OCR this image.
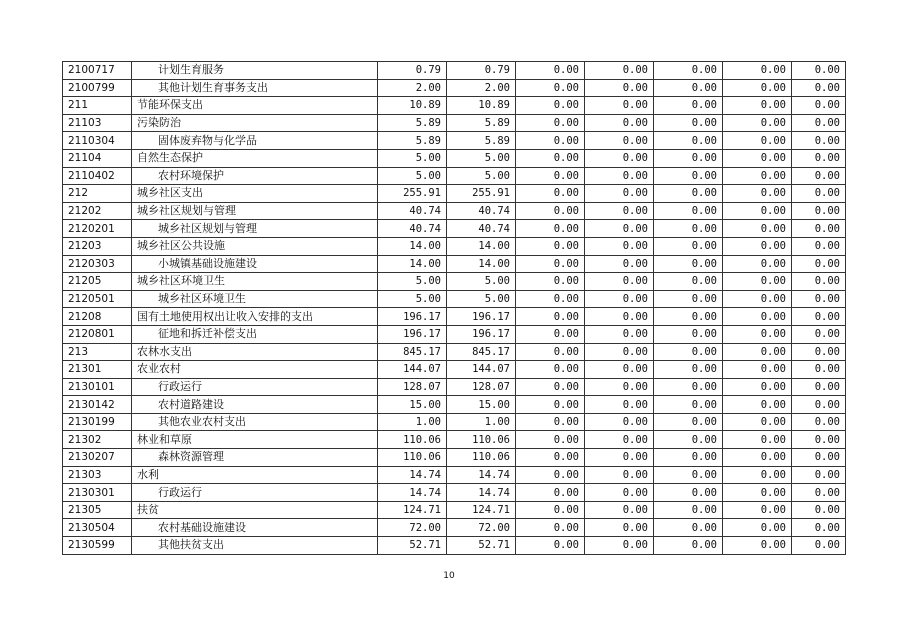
2100717	计划生育服务	0.79	0.79	0.00	0.00	0.00	0.00	0.00
2100799	其他计划生育事务支出	2.00	2.00	0.00	0.00	0.00	0.00	0.00
211	节能环保支出	10.89	10.89	0.00	0.00	0.00	0.00	0.00
21103	污染防治	5.89	5.89	0.00	0.00	0.00	0.00	0.00
2110304	固体废弃物与化学品	5.89	5.89	0.00	0.00	0.00	0.00	0.00
21104	自然生态保护	5.00	5.00	0.00	0.00	0.00	0.00	0.00
2110402	农村环境保护	5.00	5.00	0.00	0.00	0.00	0.00	0.00
212	城乡社区支出	255.91	255.91	0.00	0.00	0.00	0.00	0.00
21202	城乡社区规划与管理	40.74	40.74	0.00	0.00	0.00	0.00	0.00
2120201	城乡社区规划与管理	40.74	40.74	0.00	0.00	0.00	0.00	0.00
21203	城乡社区公共设施	14.00	14.00	0.00	0.00	0.00	0.00	0.00
2120303	小城镇基础设施建设	14.00	14.00	0.00	0.00	0.00	0.00	0.00
21205	城乡社区环境卫生	5.00	5.00	0.00	0.00	0.00	0.00	0.00
2120501	城乡社区环境卫生	5.00	5.00	0.00	0.00	0.00	0.00	0.00
21208	国有土地使用权出让收入安排的支出	196.17	196.17	0.00	0.00	0.00	0.00	0.00
2120801	征地和拆迁补偿支出	196.17	196.17	0.00	0.00	0.00	0.00	0.00
213	农林水支出	845.17	845.17	0.00	0.00	0.00	0.00	0.00
21301	农业农村	144.07	144.07	0.00	0.00	0.00	0.00	0.00
2130101	行政运行	128.07	128.07	0.00	0.00	0.00	0.00	0.00
2130142	农村道路建设	15.00	15.00	0.00	0.00	0.00	0.00	0.00
2130199	其他农业农村支出	1.00	1.00	0.00	0.00	0.00	0.00	0.00
21302	林业和草原	110.06	110.06	0.00	0.00	0.00	0.00	0.00
2130207	森林资源管理	110.06	110.06	0.00	0.00	0.00	0.00	0.00
21303	水利	14.74	14.74	0.00	0.00	0.00	0.00	0.00
2130301	行政运行	14.74	14.74	0.00	0.00	0.00	0.00	0.00
21305	扶贫	124.71	124.71	0.00	0.00	0.00	0.00	0.00
2130504	农村基础设施建设	72.00	72.00	0.00	0.00	0.00	0.00	0.00
2130599	其他扶贫支出	52.71	52.71	0.00	0.00	0.00	0.00	0.00
10
